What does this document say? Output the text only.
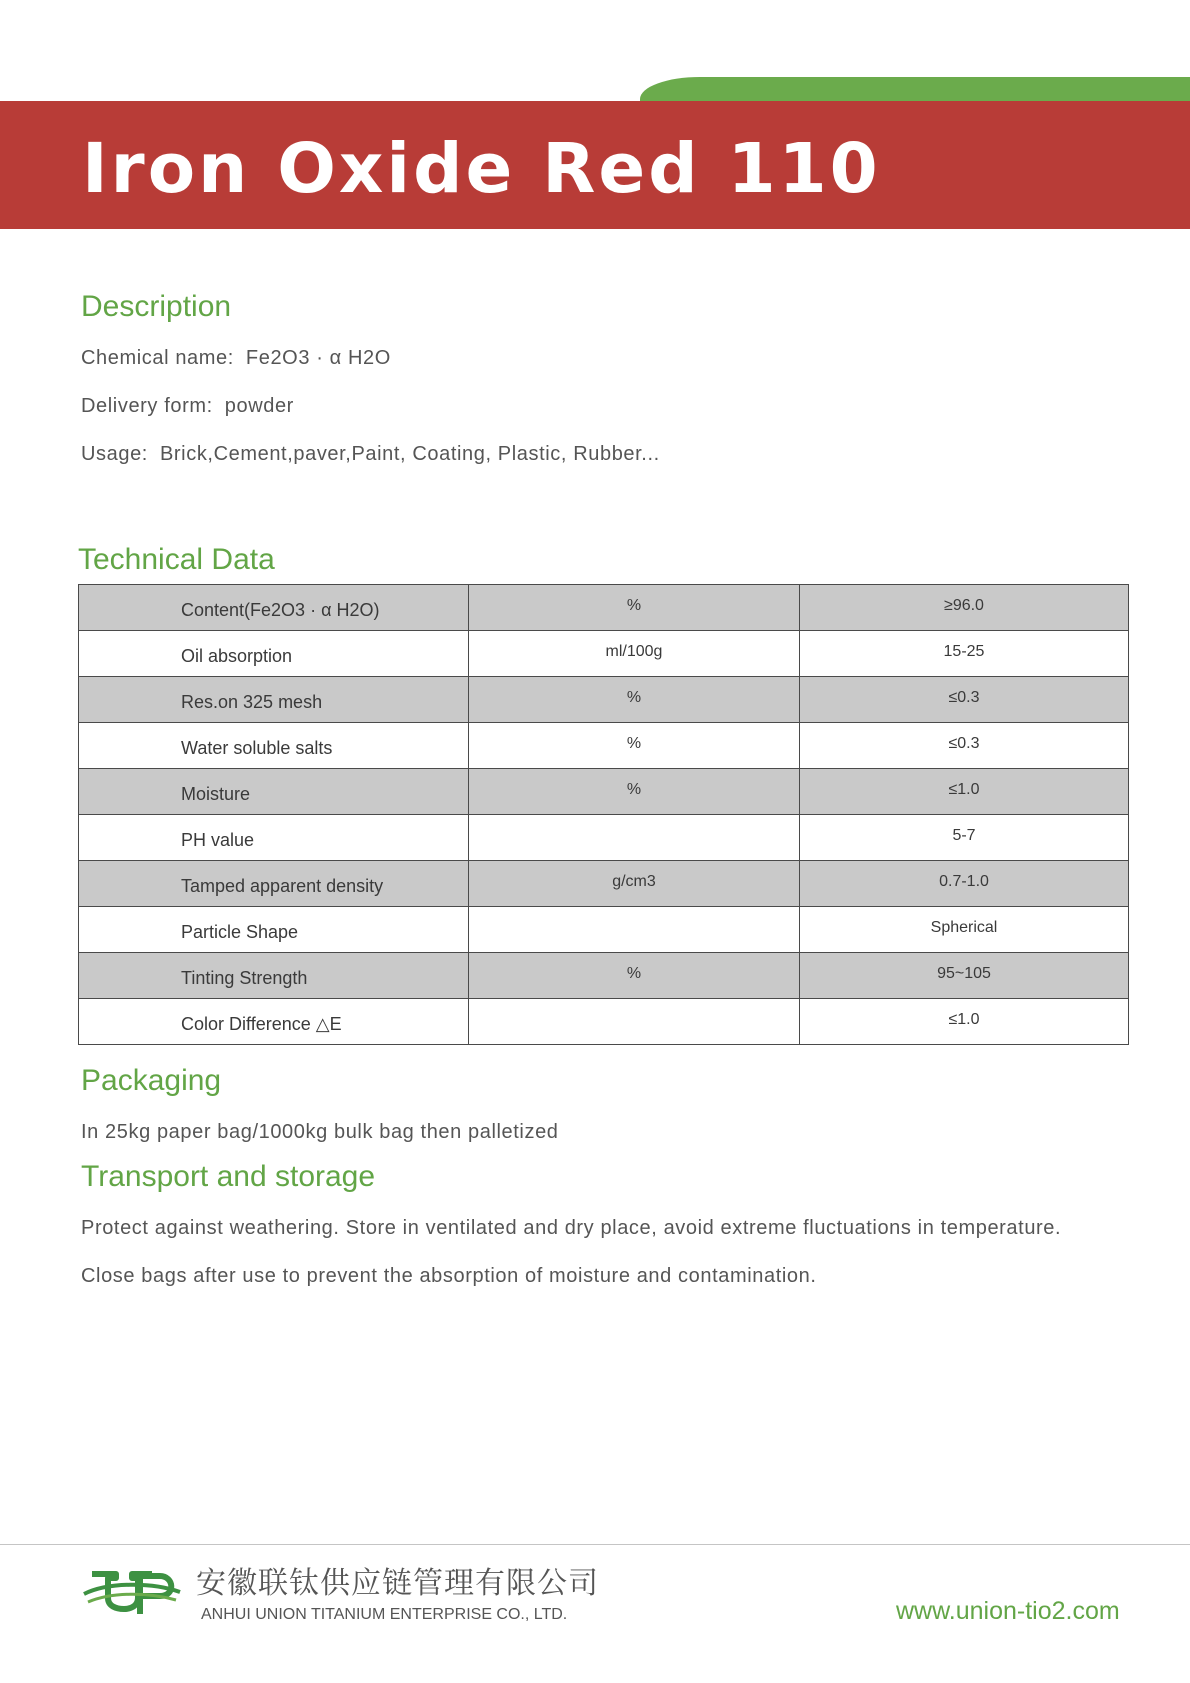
Iron Oxide Red 110
Description

Chemical name: Fe2O3 · α H2O

Delivery form: powder

Usage: Brick,Cement,paver,Paint, Coating, Plastic, Rubber...

Technical Data
Content(Fe2O3 · α H2O)	%	≥96.0
Oil absorption	ml/100g	15-25
Res.on 325 mesh	%	≤0.3
Water soluble salts	%	≤0.3
Moisture	%	≤1.0
PH value		5-7
Tamped apparent density	g/cm3	0.7-1.0
Particle Shape		Spherical
Tinting Strength	%	95~105
Color Difference △E		≤1.0
Packaging

In 25kg paper bag/1000kg bulk bag then palletized

Transport and storage

Protect against weathering. Store in ventilated and dry place, avoid extreme fluctuations in temperature.

Close bags after use to prevent the absorption of moisture and contamination.

安徽联钛供应链管理有限公司

ANHUI UNION TITANIUM ENTERPRISE CO., LTD.	www.union-tio2.com
